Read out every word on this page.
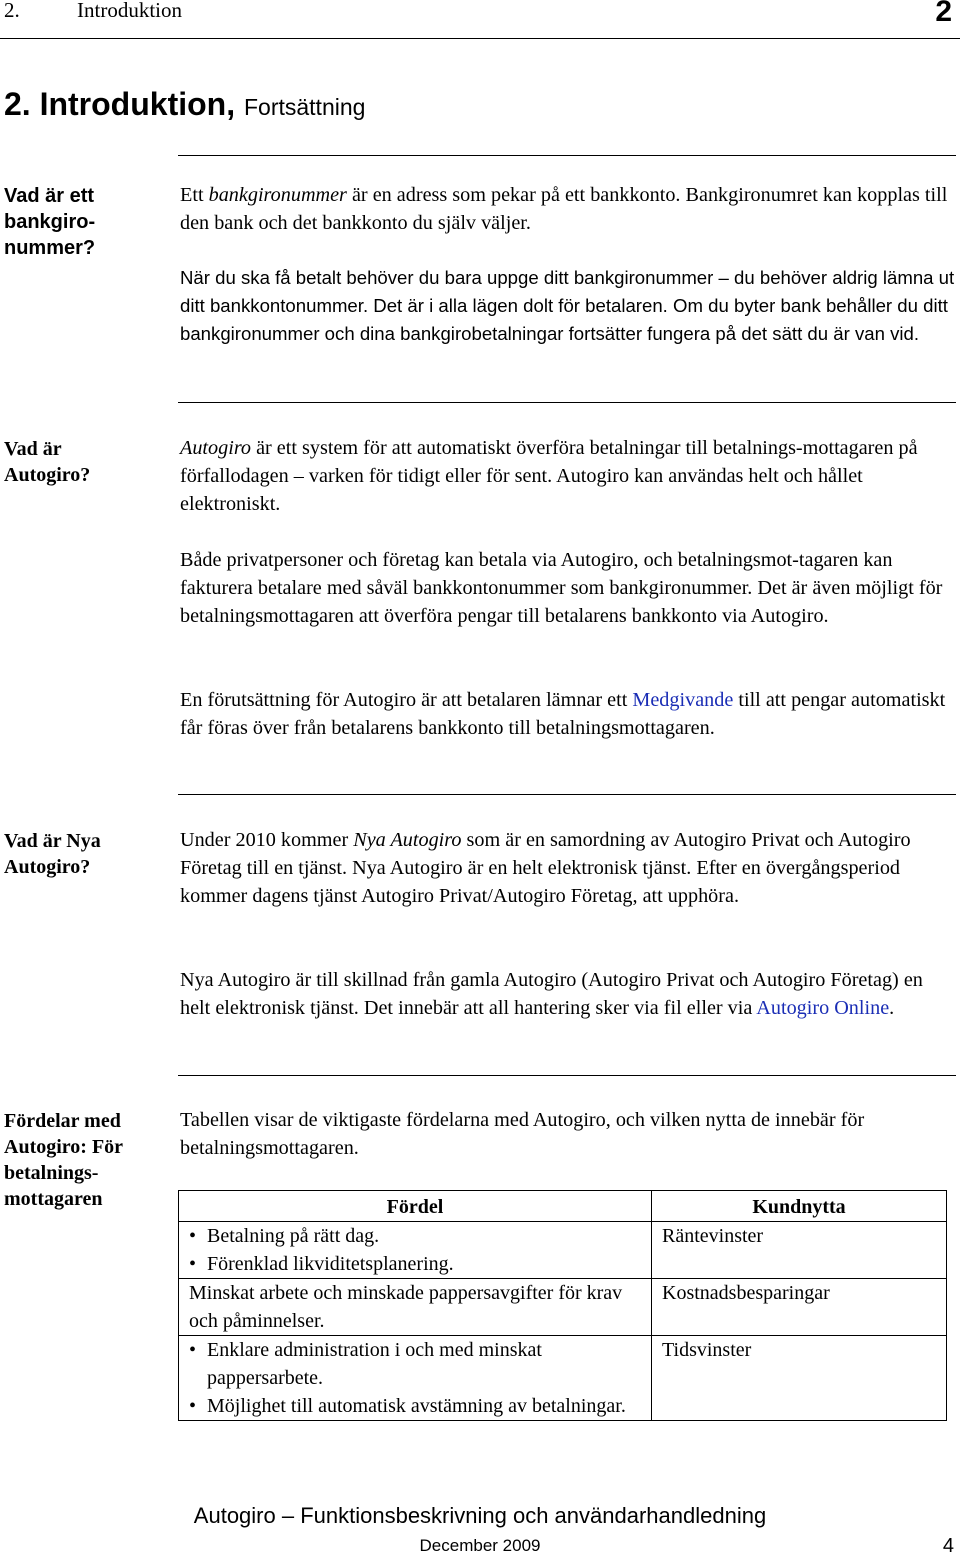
2.	Introduktion	2
2. Introduktion, Fortsättning
Vad är ett
bankgiro-
nummer?

Ett bankgironummer är en adress som pekar på ett bankkonto. Bankgironumret kan kopplas till den bank och det bankkonto du själv väljer.

När du ska få betalt behöver du bara uppge ditt bankgironummer – du behöver aldrig lämna ut ditt bankkontonummer. Det är i alla lägen dolt för betalaren. Om du byter bank behåller du ditt bankgironummer och dina bankgirobetalningar fortsätter fungera på det sätt du är van vid.

Vad är
Autogiro?

Autogiro är ett system för att automatiskt överföra betalningar till betalnings-mottagaren på förfallodagen – varken för tidigt eller för sent. Autogiro kan användas helt och hållet elektroniskt.

Både privatpersoner och företag kan betala via Autogiro, och betalningsmot-tagaren kan fakturera betalare med såväl bankkontonummer som bankgironummer. Det är även möjligt för betalningsmottagaren att överföra pengar till betalarens bankkonto via Autogiro.

En förutsättning för Autogiro är att betalaren lämnar ett Medgivande till att pengar automatiskt får föras över från betalarens bankkonto till betalningsmottagaren.

Vad är Nya
Autogiro?

Under 2010 kommer Nya Autogiro som är en samordning av Autogiro Privat och Autogiro Företag till en tjänst. Nya Autogiro är en helt elektronisk tjänst. Efter en övergångsperiod kommer dagens tjänst Autogiro Privat/Autogiro Företag, att upphöra.

Nya Autogiro är till skillnad från gamla Autogiro (Autogiro Privat och Autogiro Företag) en helt elektronisk tjänst. Det innebär att all hantering sker via fil eller via Autogiro Online.

Fördelar med
Autogiro: För
betalnings-
mottagaren

Tabellen visar de viktigaste fördelarna med Autogiro, och vilken nytta de innebär för betalningsmottagaren.

Fördel	Kundnytta

• Betalning på rätt dag.
• Förenklad likviditetsplanering.	Räntevinster

Minskat arbete och minskade pappersavgifter för krav och påminnelser.	Kostnadsbesparingar

• Enklare administration i och med minskat pappersarbete.
• Möjlighet till automatisk avstämning av betalningar.	Tidsvinster
Autogiro – Funktionsbeskrivning och användarhandledning
December 2009	4
